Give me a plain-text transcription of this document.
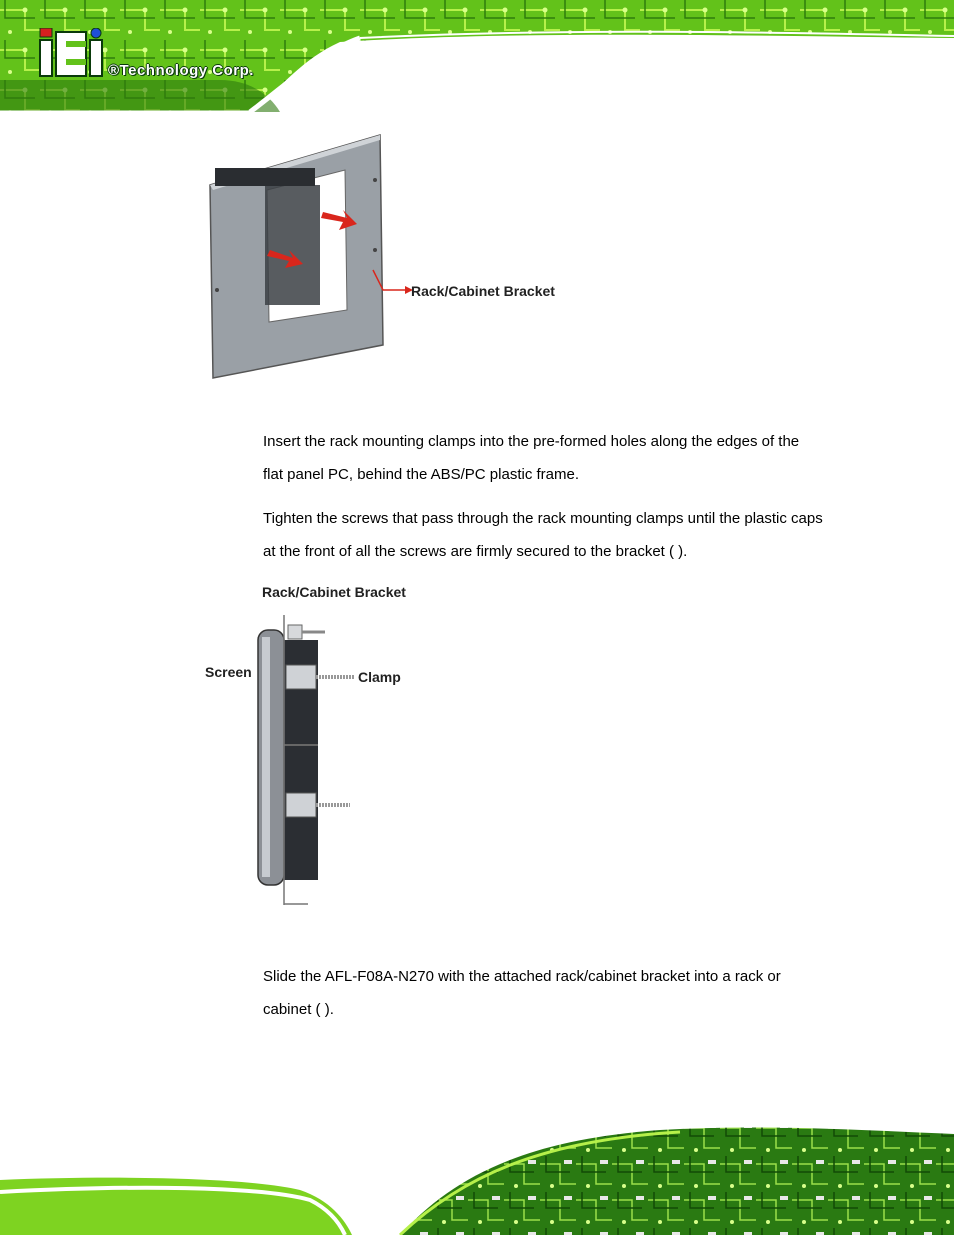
®Technology Corp.
Rack/Cabinet Bracket

Insert the rack mounting clamps into the pre-formed holes along the edges of the flat panel PC, behind the ABS/PC plastic frame.

Tighten the screws that pass through the rack mounting clamps until the plastic caps at the front of all the screws are firmly secured to the bracket ( ).

Rack/Cabinet Bracket
Screen	Clamp

Slide the AFL-F08A-N270 with the attached rack/cabinet bracket into a rack or cabinet ( ).
